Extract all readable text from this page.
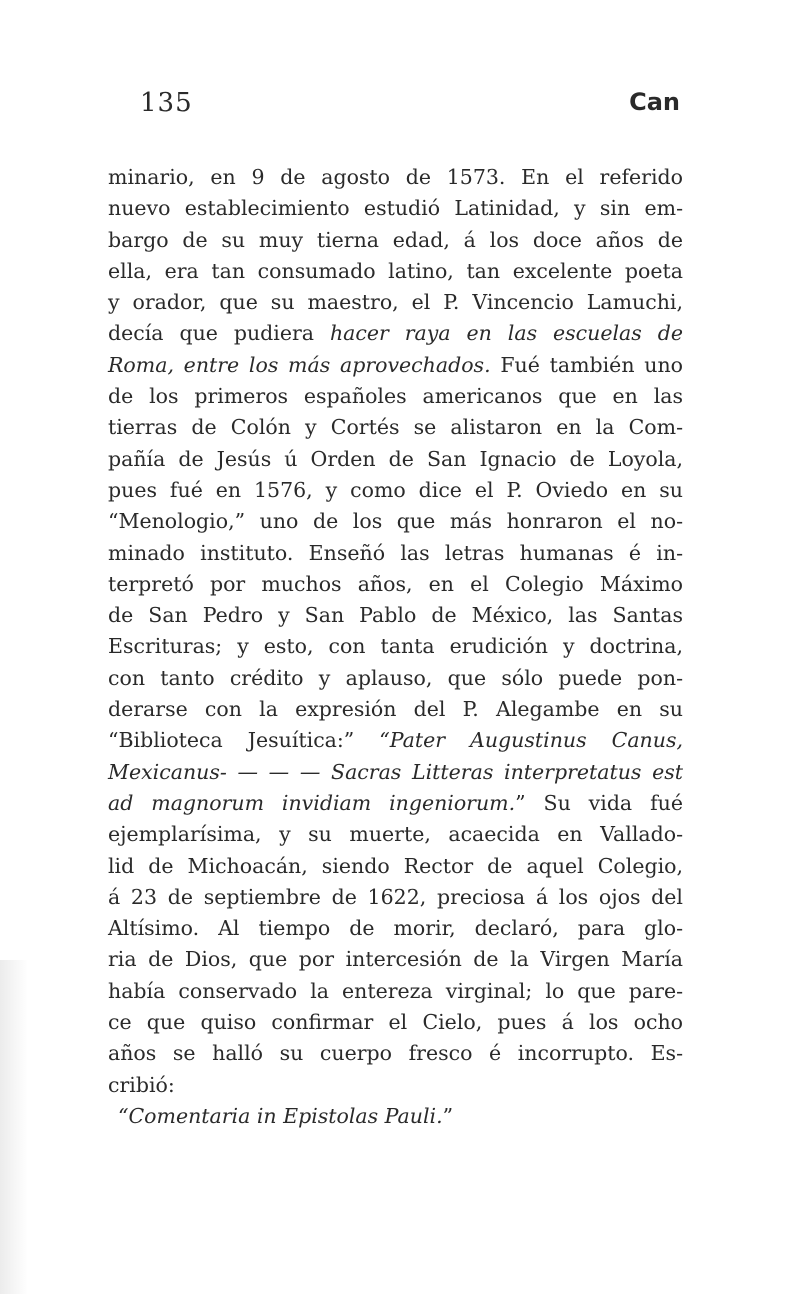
135	Can
minario, en 9 de agosto de 1573. En el referido
nuevo establecimiento estudió Latinidad, y sin em-
bargo de su muy tierna edad, á los doce años de
ella, era tan consumado latino, tan excelente poeta
y orador, que su maestro, el P. Vincencio Lamuchi,
decía que pudiera hacer raya en las escuelas de
Roma, entre los más aprovechados. Fué también uno
de los primeros españoles americanos que en las
tierras de Colón y Cortés se alistaron en la Com-
pañía de Jesús ú Orden de San Ignacio de Loyola,
pues fué en 1576, y como dice el P. Oviedo en su
“Menologio,” uno de los que más honraron el no-
minado instituto. Enseñó las letras humanas é in-
terpretó por muchos años, en el Colegio Máximo
de San Pedro y San Pablo de México, las Santas
Escrituras; y esto, con tanta erudición y doctrina,
con tanto crédito y aplauso, que sólo puede pon-
derarse con la expresión del P. Alegambe en su
“Biblioteca Jesuítica:” “Pater Augustinus Canus,
Mexicanus- — — — Sacras Litteras interpretatus est
ad magnorum invidiam ingeniorum.” Su vida fué
ejemplarísima, y su muerte, acaecida en Vallado-
lid de Michoacán, siendo Rector de aquel Colegio,
á 23 de septiembre de 1622, preciosa á los ojos del
Altísimo. Al tiempo de morir, declaró, para glo-
ria de Dios, que por intercesión de la Virgen María
había conservado la entereza virginal; lo que pare-
ce que quiso confirmar el Cielo, pues á los ocho
años se halló su cuerpo fresco é incorrupto. Es-
cribió:
“Comentaria in Epistolas Pauli.”
